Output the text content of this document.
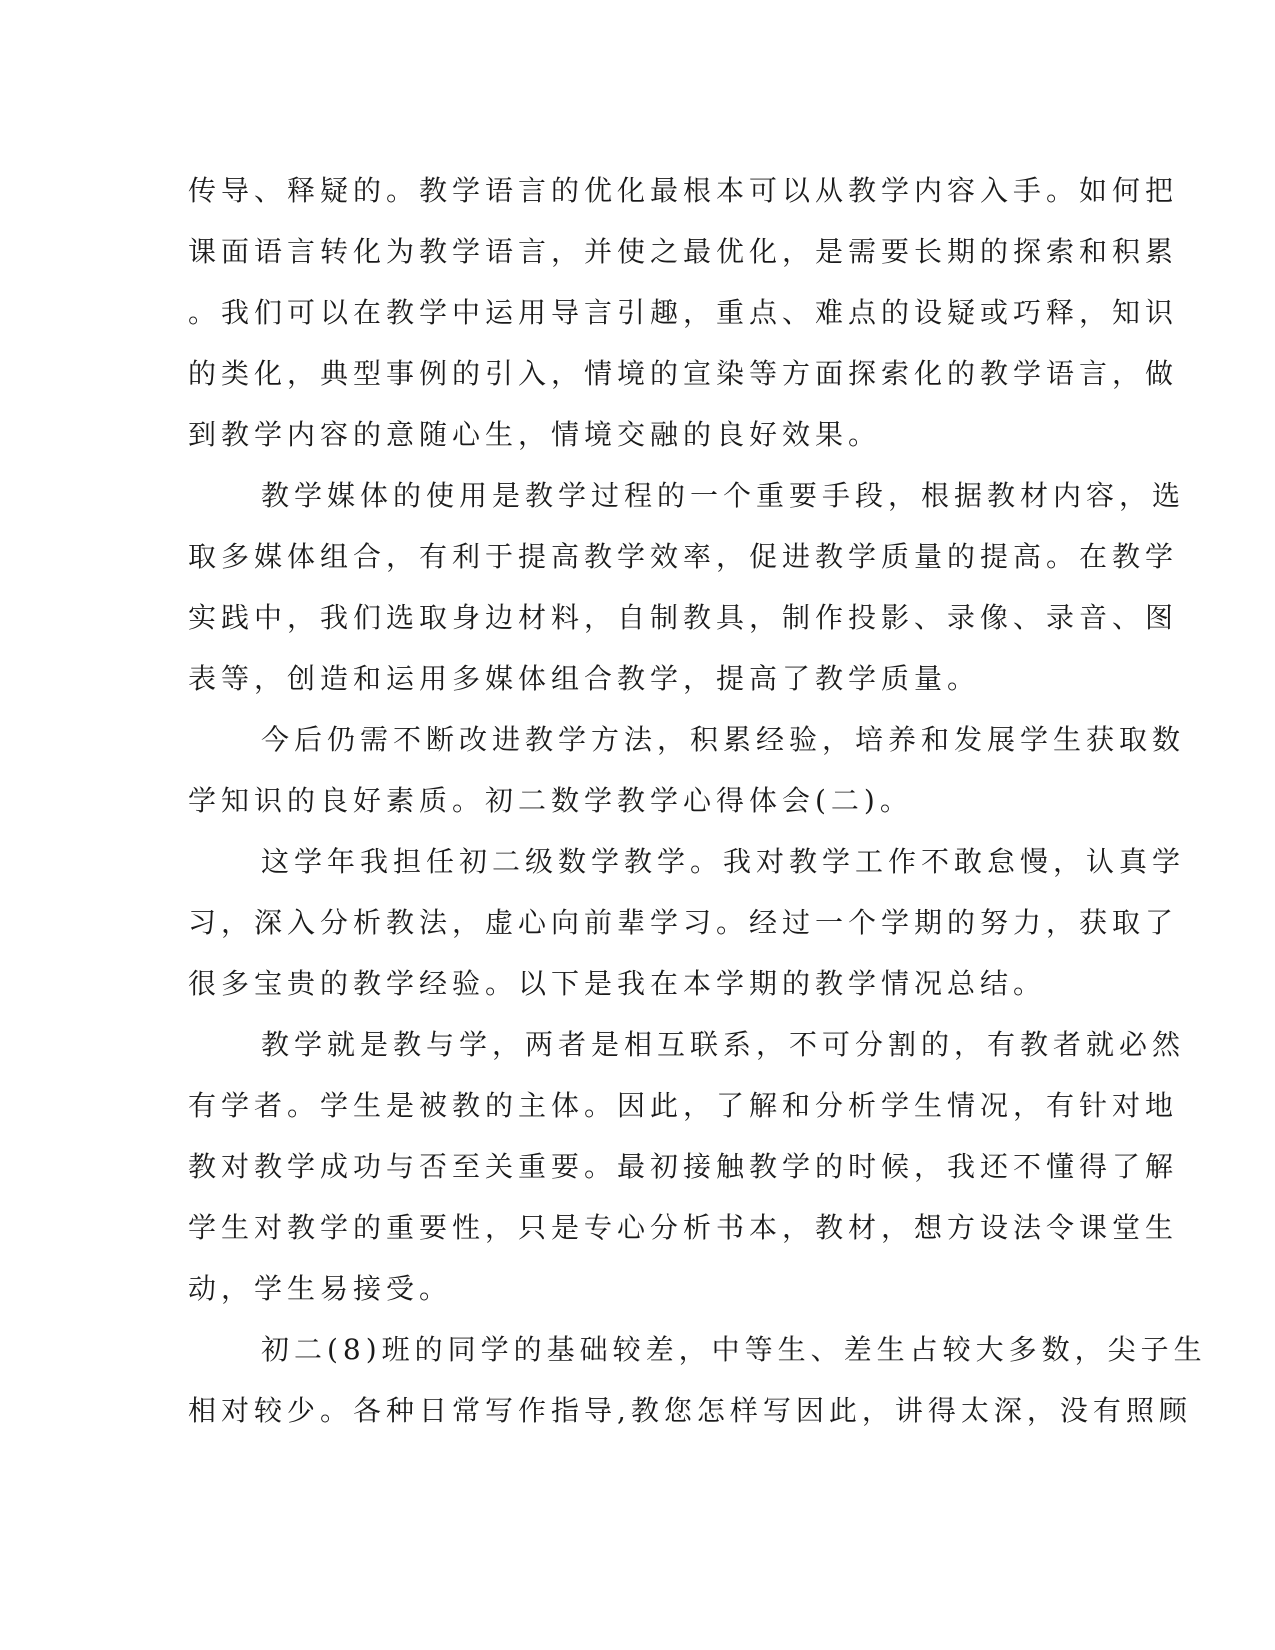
传导、释疑的。教学语言的优化最根本可以从教学内容入手。如何把
课面语言转化为教学语言，并使之最优化，是需要长期的探索和积累
。我们可以在教学中运用导言引趣，重点、难点的设疑或巧释，知识
的类化，典型事例的引入，情境的宣染等方面探索化的教学语言，做
到教学内容的意随心生，情境交融的良好效果。
教学媒体的使用是教学过程的一个重要手段，根据教材内容，选
取多媒体组合，有利于提高教学效率，促进教学质量的提高。在教学
实践中，我们选取身边材料，自制教具，制作投影、录像、录音、图
表等，创造和运用多媒体组合教学，提高了教学质量。
今后仍需不断改进教学方法，积累经验，培养和发展学生获取数
学知识的良好素质。初二数学教学心得体会(二)。
这学年我担任初二级数学教学。我对教学工作不敢怠慢，认真学
习，深入分析教法，虚心向前辈学习。经过一个学期的努力，获取了
很多宝贵的教学经验。以下是我在本学期的教学情况总结。
教学就是教与学，两者是相互联系，不可分割的，有教者就必然
有学者。学生是被教的主体。因此，了解和分析学生情况，有针对地
教对教学成功与否至关重要。最初接触教学的时候，我还不懂得了解
学生对教学的重要性，只是专心分析书本，教材，想方设法令课堂生
动，学生易接受。
初二(8)班的同学的基础较差，中等生、差生占较大多数，尖子生
相对较少。各种日常写作指导,教您怎样写因此，讲得太深，没有照顾
